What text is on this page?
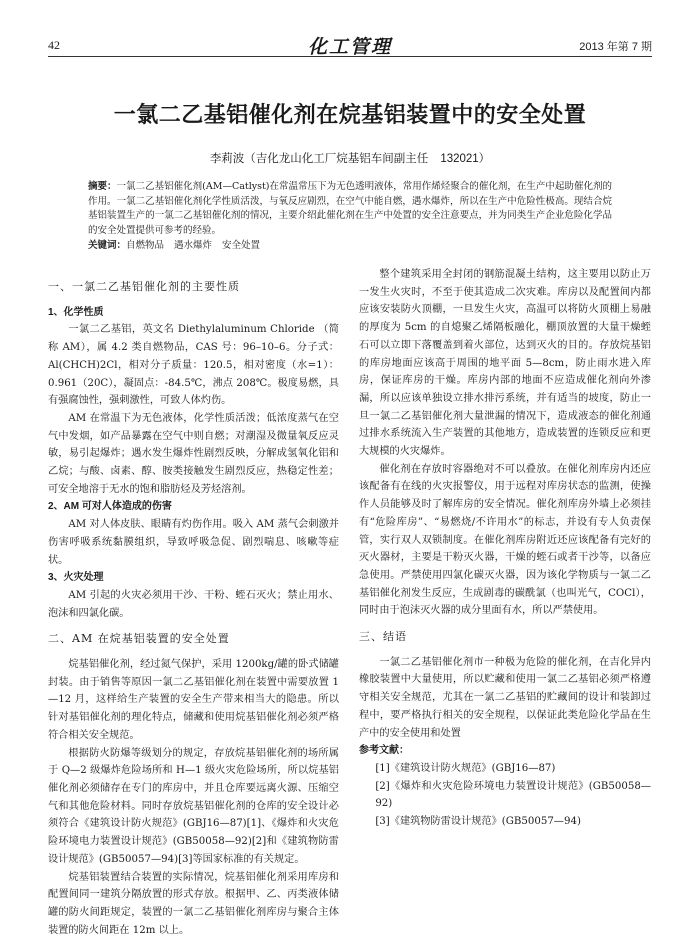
42	化工管理	2013 年第 7 期
一氯二乙基铝催化剂在烷基铝装置中的安全处置
李莉波（吉化龙山化工厂烷基铝车间副主任 132021）
摘要：一氯二乙基铝催化剂(AM—Catlyst)在常温常压下为无色透明液体，常用作烯烃聚合的催化剂，在生产中起助催化剂的作用。一氯二乙基铝催化剂化学性质活泼，与氧反应剧烈，在空气中能自燃，遇水爆炸，所以在生产中危险性极高。现结合烷基铝装置生产的一氯二乙基铝催化剂的情况，主要介绍此催化剂在生产中处置的安全注意要点，并为同类生产企业危险化学品的安全处置提供可参考的经验。
关键词：自燃物品 遇水爆炸 安全处置
一、一氯二乙基铝催化剂的主要性质

1、化学性质

一氯二乙基铝，英文名 Diethylaluminum Chloride （简称 AM），属 4.2 类自燃物品，CAS 号：96–10–6。分子式：Al(CHCH)2Cl，相对分子质量：120.5，相对密度（水=1）：0.961（20C），凝固点：-84.5℃，沸点 208℃。极度易燃，具有强腐蚀性，强刺激性，可致人体灼伤。

AM 在常温下为无色液体，化学性质活泼；低浓度蒸气在空气中发烟，如产品暴露在空气中则自燃；对潮湿及微量氧反应灵敏，易引起爆炸；遇水发生爆炸性剧烈反映，分解成氢氧化铝和乙烷；与酸、卤素、醇、胺类接触发生剧烈反应，热稳定性差；可安全地溶于无水的饱和脂肪烃及芳烃溶剂。

2、AM 可对人体造成的伤害

AM 对人体皮肤、眼睛有灼伤作用。吸入 AM 蒸气会刺激并伤害呼吸系统黏膜组织，导致呼吸急促、剧烈喘息、咳嗽等症状。

3、火灾处理

AM 引起的火灾必须用干沙、干粉、蛭石灭火；禁止用水、泡沫和四氯化碳。

二、AM 在烷基铝装置的安全处置

烷基铝催化剂，经过氮气保护，采用 1200kg/罐的卧式储罐封装。由于销售等原因一氯二乙基铝催化剂在装置中需要放置 1—12 月，这样给生产装置的安全生产带来相当大的隐患。所以针对基铝催化剂的理化特点，储藏和使用烷基铝催化剂必须严格符合相关安全规范。

根据防火防爆等级划分的规定，存放烷基铝催化剂的场所属于 Q—2 级爆炸危险场所和 H—1 级火灾危险场所，所以烷基铝催化剂必须储存在专门的库房中，并且仓库要远离火源、压缩空气和其他危险材料。同时存放烷基铝催化剂的仓库的安全设计必须符合《建筑设计防火规范》(GBJ16—87)[1]、《爆炸和火灾危险环境电力装置设计规范》(GB50058—92)[2]和《建筑物防雷设计规范》(GB50057—94)[3]等国家标准的有关规定。

烷基铝装置结合装置的实际情况，烷基铝催化剂采用库房和配置间同一建筑分隔放置的形式存放。根据甲、乙、丙类液体储罐的防火间距规定，装置的一氯二乙基铝催化剂库房与聚合主体装置的防火间距在 12m 以上。

整个建筑采用全封闭的钢筋混凝土结构，这主要用以防止万一发生火灾时，不至于使其造成二次灾难。库房以及配置间内都应该安装防火顶棚，一旦发生火灾，高温可以将防火顶棚上易融的厚度为 5cm 的自熄聚乙烯隔板融化，棚顶放置的大量干燥蛭石可以立即下落覆盖到着火部位，达到灭火的目的。存放烷基铝的库房地面应该高于周围的地平面 5—8cm，防止雨水进入库房，保证库房的干燥。库房内部的地面不应造成催化剂向外渗漏，所以应该单独设立排水排污系统，并有适当的坡度，防止一旦一氯二乙基铝催化剂大量泄漏的情况下，造成液态的催化剂通过排水系统流入生产装置的其他地方，造成装置的连锁反应和更大规模的火灾爆炸。

催化剂在存放时容器绝对不可以叠放。在催化剂库房内还应该配备有在线的火灾报警仪，用于远程对库房状态的监测，使操作人员能够及时了解库房的安全情况。催化剂库房外墙上必须挂有“危险库房”、“易燃烧/不许用水”的标志，并设有专人负责保管，实行双人双锁制度。在催化剂库房附近还应该配备有完好的灭火器材，主要是干粉灭火器，干燥的蛭石或者干沙等，以备应急使用。严禁使用四氯化碳灭火器，因为该化学物质与一氯二乙基铝催化剂发生反应，生成剧毒的碳酰氯（也叫光气，COCl），同时由于泡沫灭火器的成分里面有水，所以严禁使用。

三、结语

一氯二乙基铝催化剂市一种极为危险的催化剂，在吉化异内橡胶装置中大量使用，所以贮藏和使用一氯二乙基铝必须严格遵守相关安全规范，尤其在一氯二乙基铝的贮藏间的设计和装卸过程中，要严格执行相关的安全规程，以保证此类危险化学品在生产中的安全使用和处置

参考文献：

[1]《建筑设计防火规范》(GBJ16—87)

[2]《爆炸和火灾危险环境电力装置设计规范》(GB50058—92)

[3]《建筑物防雷设计规范》(GB50057—94)
